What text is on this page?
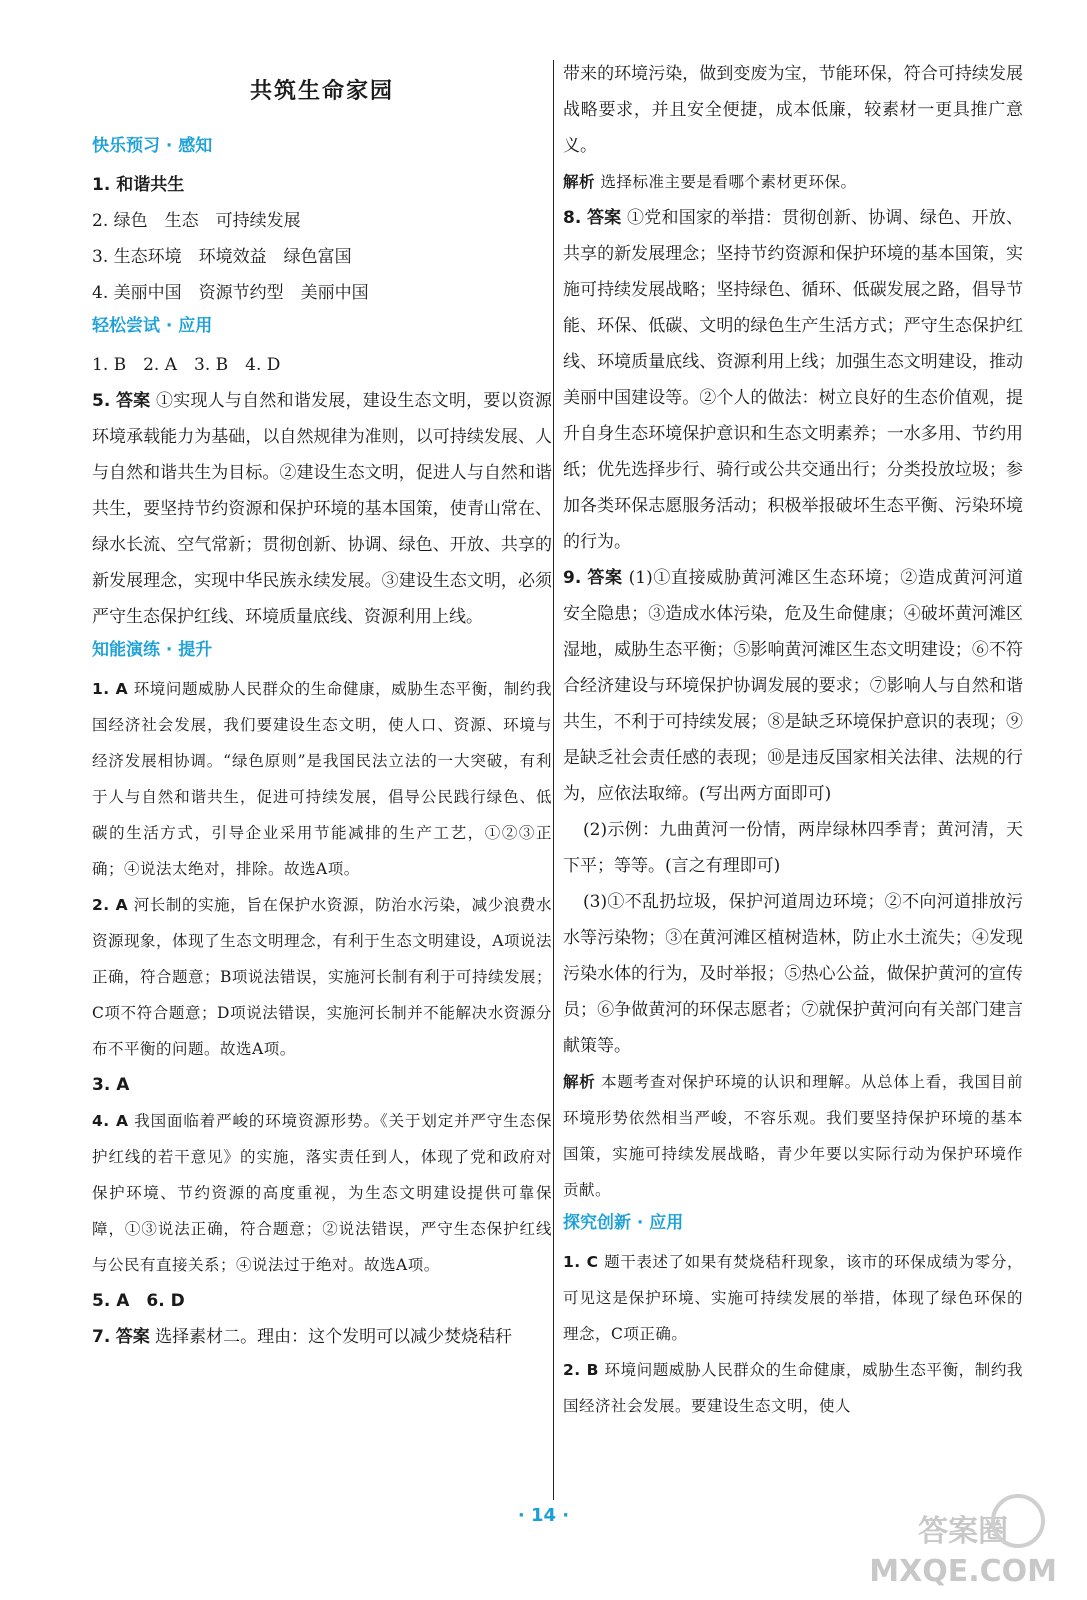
共筑生命家园
快乐预习 · 感知

1. 和谐共生

2. 绿色　生态　可持续发展

3. 生态环境　环境效益　绿色富国

4. 美丽中国　资源节约型　美丽中国

轻松尝试 · 应用

1. B　2. A　3. B　4. D

5. 答案 ①实现人与自然和谐发展，建设生态文明，要以资源环境承载能力为基础，以自然规律为准则，以可持续发展、人与自然和谐共生为目标。②建设生态文明，促进人与自然和谐共生，要坚持节约资源和保护环境的基本国策，使青山常在、绿水长流、空气常新；贯彻创新、协调、绿色、开放、共享的新发展理念，实现中华民族永续发展。③建设生态文明，必须严守生态保护红线、环境质量底线、资源利用上线。

知能演练 · 提升

1. A 环境问题威胁人民群众的生命健康，威胁生态平衡，制约我国经济社会发展，我们要建设生态文明，使人口、资源、环境与经济发展相协调。“绿色原则”是我国民法立法的一大突破，有利于人与自然和谐共生，促进可持续发展，倡导公民践行绿色、低碳的生活方式，引导企业采用节能减排的生产工艺，①②③正确；④说法太绝对，排除。故选A项。

2. A 河长制的实施，旨在保护水资源，防治水污染，减少浪费水资源现象，体现了生态文明理念，有利于生态文明建设，A项说法正确，符合题意；B项说法错误，实施河长制有利于可持续发展；C项不符合题意；D项说法错误，实施河长制并不能解决水资源分布不平衡的问题。故选A项。

3. A

4. A 我国面临着严峻的环境资源形势。《关于划定并严守生态保护红线的若干意见》的实施，落实责任到人，体现了党和政府对保护环境、节约资源的高度重视，为生态文明建设提供可靠保障，①③说法正确，符合题意；②说法错误，严守生态保护红线与公民有直接关系；④说法过于绝对。故选A项。

5. A　6. D

7. 答案 选择素材二。理由：这个发明可以减少焚烧秸秆

带来的环境污染，做到变废为宝，节能环保，符合可持续发展战略要求，并且安全便捷，成本低廉，较素材一更具推广意义。

解析 选择标准主要是看哪个素材更环保。

8. 答案 ①党和国家的举措：贯彻创新、协调、绿色、开放、共享的新发展理念；坚持节约资源和保护环境的基本国策，实施可持续发展战略；坚持绿色、循环、低碳发展之路，倡导节能、环保、低碳、文明的绿色生产生活方式；严守生态保护红线、环境质量底线、资源利用上线；加强生态文明建设，推动美丽中国建设等。②个人的做法：树立良好的生态价值观，提升自身生态环境保护意识和生态文明素养；一水多用、节约用纸；优先选择步行、骑行或公共交通出行；分类投放垃圾；参加各类环保志愿服务活动；积极举报破坏生态平衡、污染环境的行为。

9. 答案 (1)①直接威胁黄河滩区生态环境；②造成黄河河道安全隐患；③造成水体污染，危及生命健康；④破坏黄河滩区湿地，威胁生态平衡；⑤影响黄河滩区生态文明建设；⑥不符合经济建设与环境保护协调发展的要求；⑦影响人与自然和谐共生，不利于可持续发展；⑧是缺乏环境保护意识的表现；⑨是缺乏社会责任感的表现；⑩是违反国家相关法律、法规的行为，应依法取缔。(写出两方面即可)

(2)示例：九曲黄河一份情，两岸绿林四季青；黄河清，天下平；等等。(言之有理即可)

(3)①不乱扔垃圾，保护河道周边环境；②不向河道排放污水等污染物；③在黄河滩区植树造林，防止水土流失；④发现污染水体的行为，及时举报；⑤热心公益，做保护黄河的宣传员；⑥争做黄河的环保志愿者；⑦就保护黄河向有关部门建言献策等。

解析 本题考查对保护环境的认识和理解。从总体上看，我国目前环境形势依然相当严峻，不容乐观。我们要坚持保护环境的基本国策，实施可持续发展战略，青少年要以实际行动为保护环境作贡献。

探究创新 · 应用

1. C 题干表述了如果有焚烧秸秆现象，该市的环保成绩为零分，可见这是保护环境、实施可持续发展的举措，体现了绿色环保的理念，C项正确。

2. B 环境问题威胁人民群众的生命健康，威胁生态平衡，制约我国经济社会发展。要建设生态文明，使人

· 14 ·	答案圈
MXQE.COM
